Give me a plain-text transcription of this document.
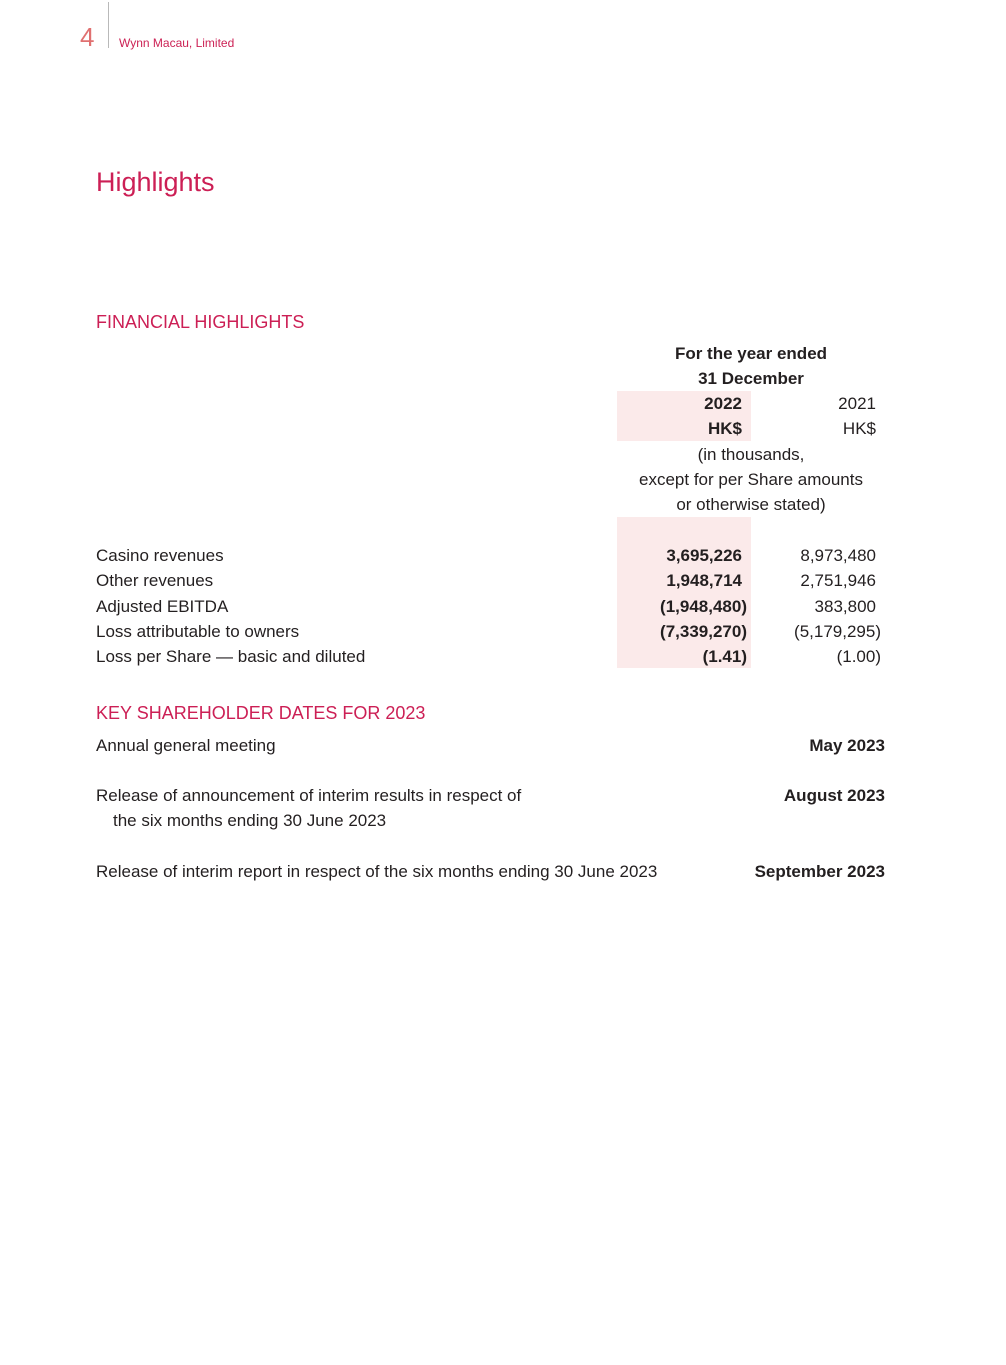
4 Wynn Macau, Limited
Highlights
FINANCIAL HIGHLIGHTS
For the year ended
31 December
2022	2021
HK$	HK$
(in thousands,
except for per Share amounts
or otherwise stated)
Casino revenues	3,695,226	8,973,480
Other revenues	1,948,714	2,751,946
Adjusted EBITDA	(1,948,480)	383,800
Loss attributable to owners	(7,339,270)	(5,179,295)
Loss per Share — basic and diluted	(1.41)	(1.00)
KEY SHAREHOLDER DATES FOR 2023
Annual general meeting	May 2023
Release of announcement of interim results in respect of
the six months ending 30 June 2023
August 2023
Release of interim report in respect of the six months ending 30 June 2023	September 2023
